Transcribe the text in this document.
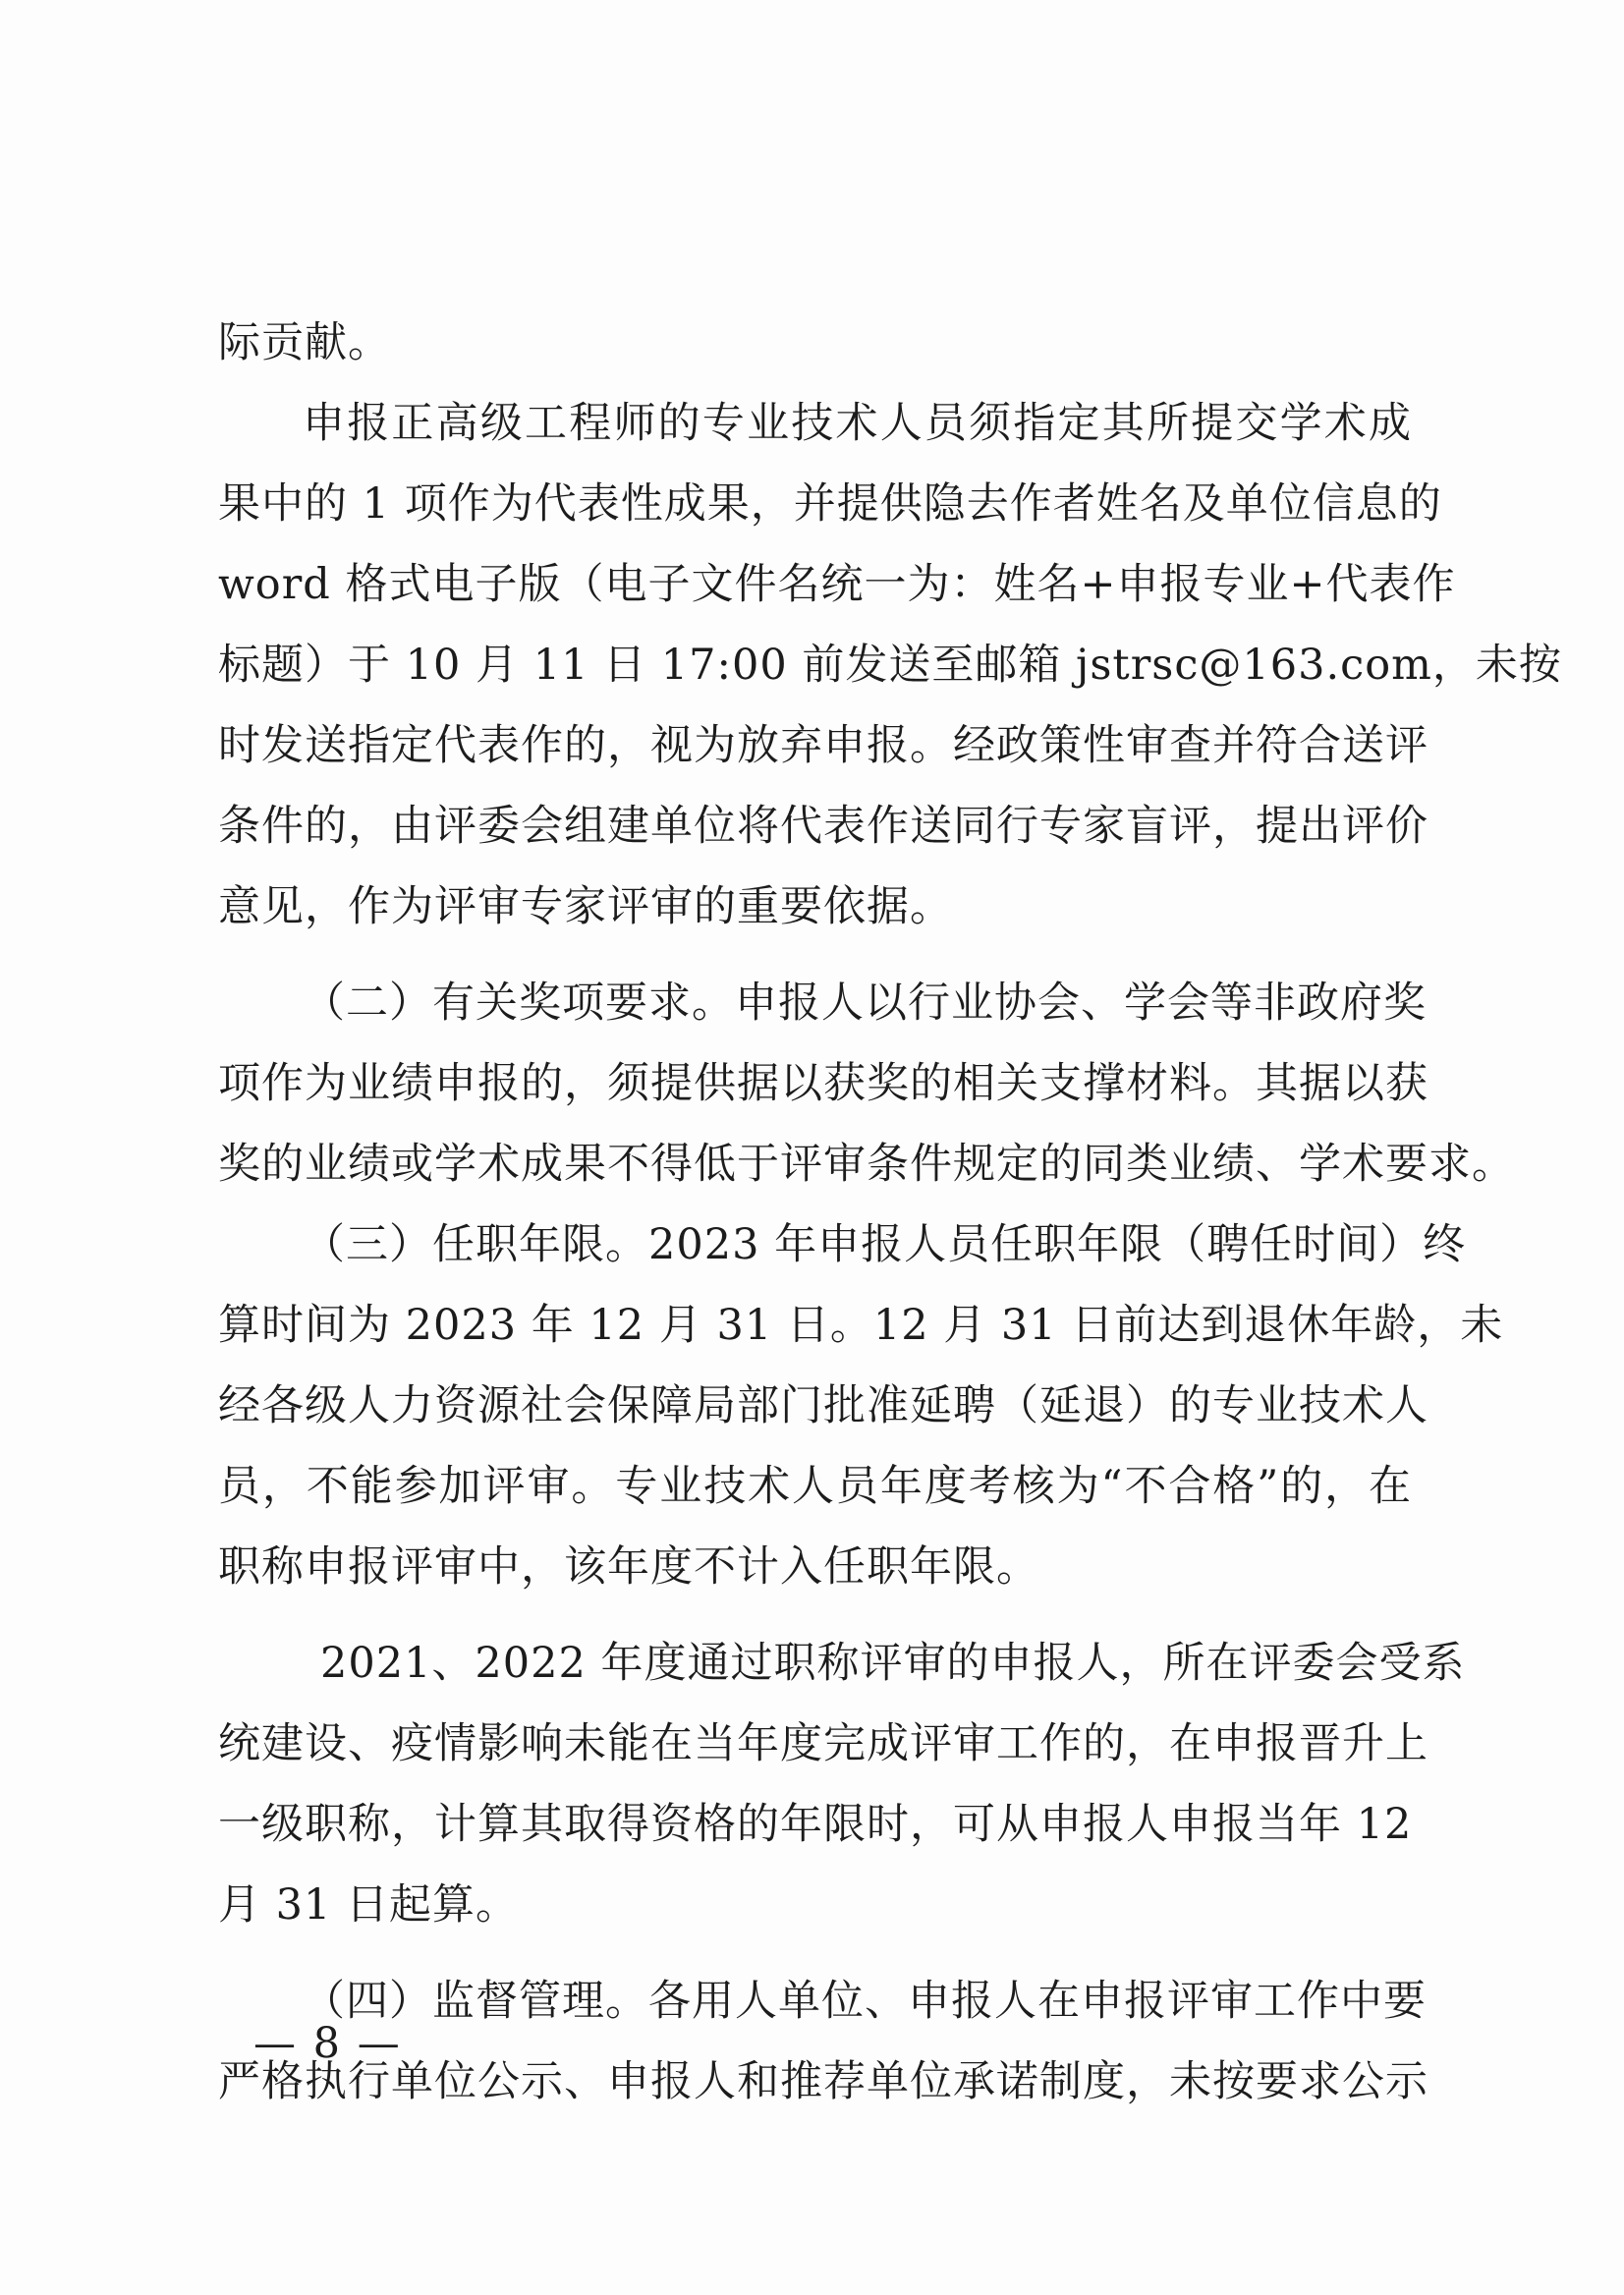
际贡献。
申报正高级工程师的专业技术人员须指定其所提交学术成
果中的 1 项作为代表性成果，并提供隐去作者姓名及单位信息的
word 格式电子版（电子文件名统一为：姓名+申报专业+代表作
标题）于 10 月 11 日 17:00 前发送至邮箱 jstrsc@163.com，未按
时发送指定代表作的，视为放弃申报。经政策性审查并符合送评
条件的，由评委会组建单位将代表作送同行专家盲评，提出评价
意见，作为评审专家评审的重要依据。
（二）有关奖项要求。申报人以行业协会、学会等非政府奖
项作为业绩申报的，须提供据以获奖的相关支撑材料。其据以获
奖的业绩或学术成果不得低于评审条件规定的同类业绩、学术要求。
（三）任职年限。2023 年申报人员任职年限（聘任时间）终
算时间为 2023 年 12 月 31 日。12 月 31 日前达到退休年龄，未
经各级人力资源社会保障局部门批准延聘（延退）的专业技术人
员，不能参加评审。专业技术人员年度考核为“不合格”的，在
职称申报评审中，该年度不计入任职年限。
2021、2022 年度通过职称评审的申报人，所在评委会受系
统建设、疫情影响未能在当年度完成评审工作的，在申报晋升上
一级职称，计算其取得资格的年限时，可从申报人申报当年 12
月 31 日起算。
（四）监督管理。各用人单位、申报人在申报评审工作中要
严格执行单位公示、申报人和推荐单位承诺制度，未按要求公示
— 8 —
